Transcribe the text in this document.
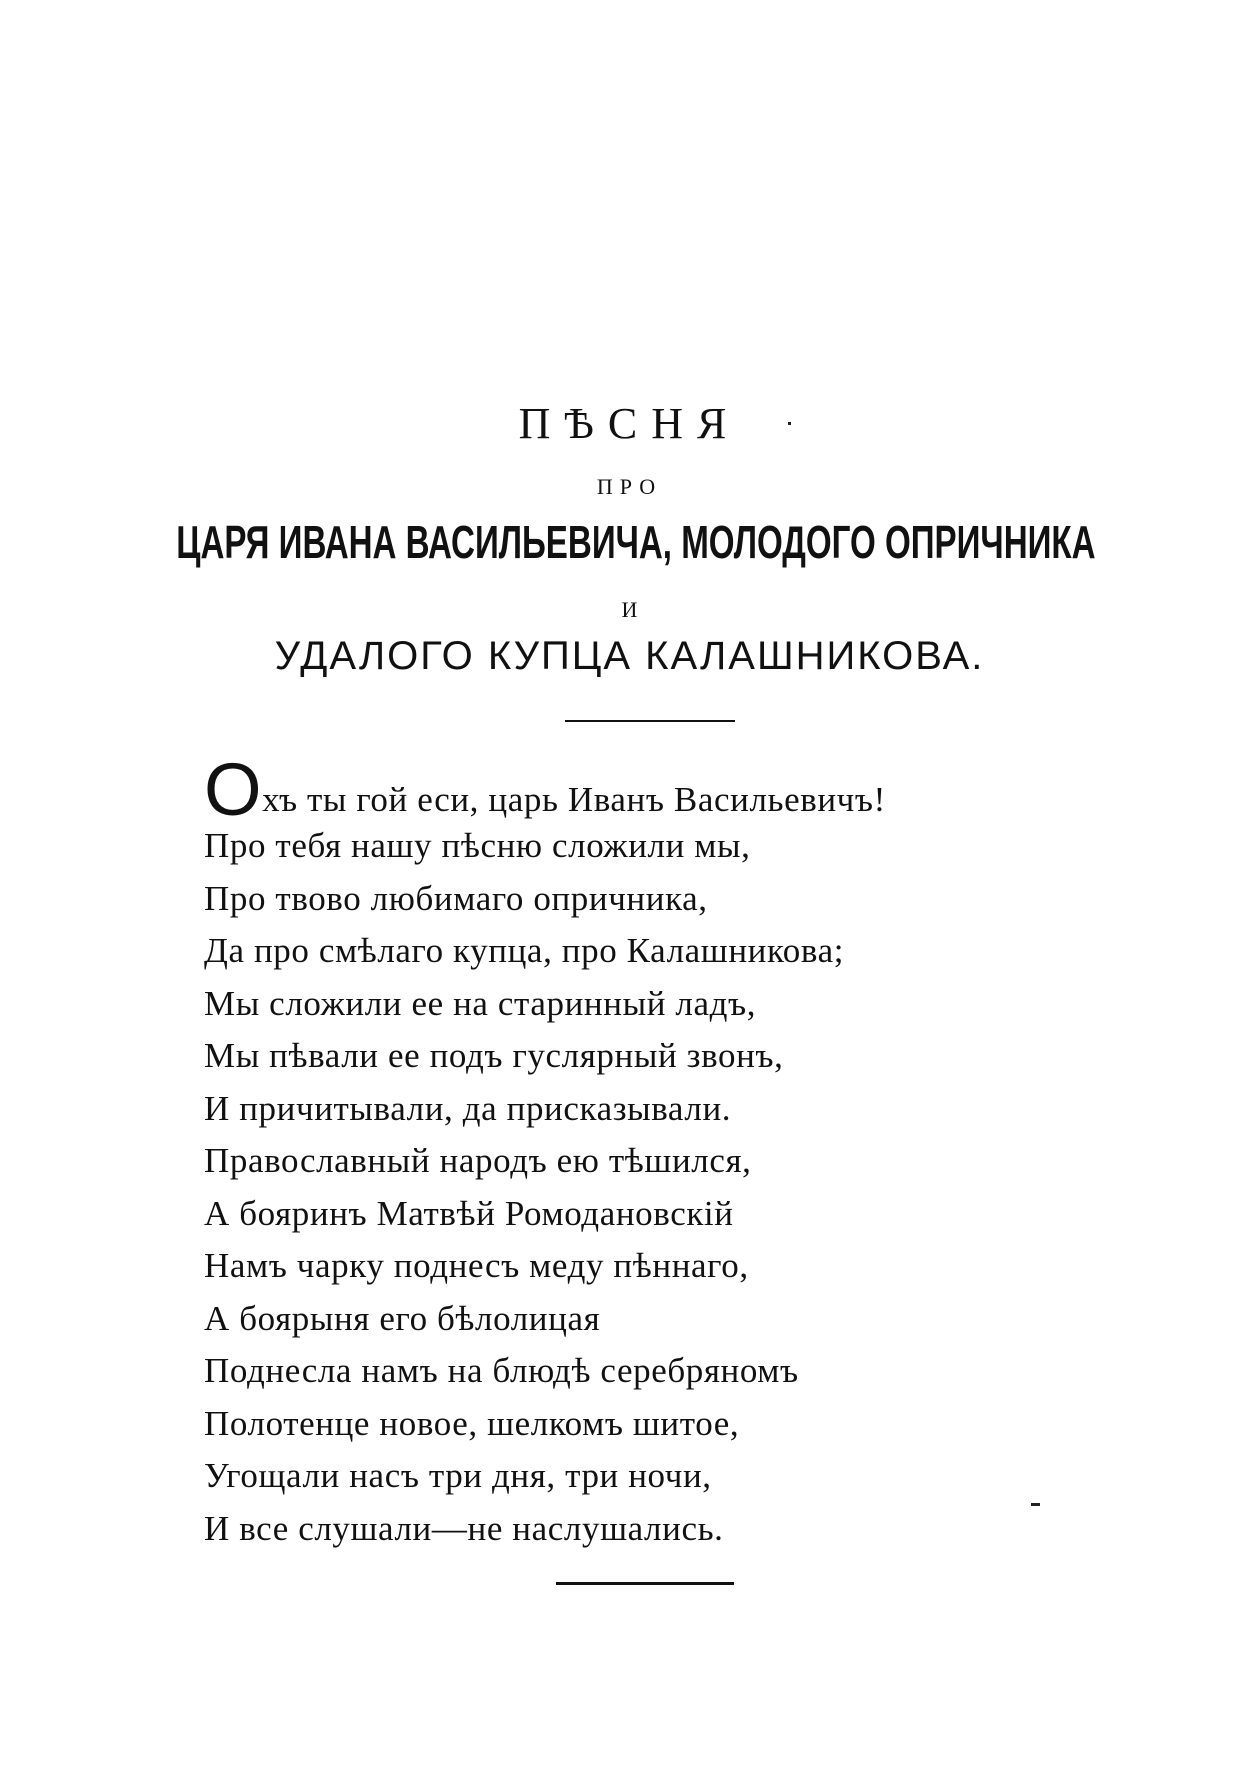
ПѢСНЯ
ПРО
ЦАРЯ ИВАНА ВАСИЛЬЕВИЧА, МОЛОДОГО ОПРИЧНИКА
И
УДАЛОГО КУПЦА КАЛАШНИКОВА.
Охъ ты гой еси, царь Иванъ Васильевичъ!
Про тебя нашу пѣсню сложили мы,
Про твово любимаго опричника,
Да про смѣлаго купца, про Калашникова;
Мы сложили ее на старинный ладъ,
Мы пѣвали ее подъ гуслярный звонъ,
И причитывали, да присказывали.
Православный народъ ею тѣшился,
А бояринъ Матвѣй Ромодановскій
Намъ чарку поднесъ меду пѣннаго,
А боярыня его бѣлолицая
Поднесла намъ на блюдѣ серебряномъ
Полотенце новое, шелкомъ шитое,
Угощали насъ три дня, три ночи,
И все слушали—не наслушались.
